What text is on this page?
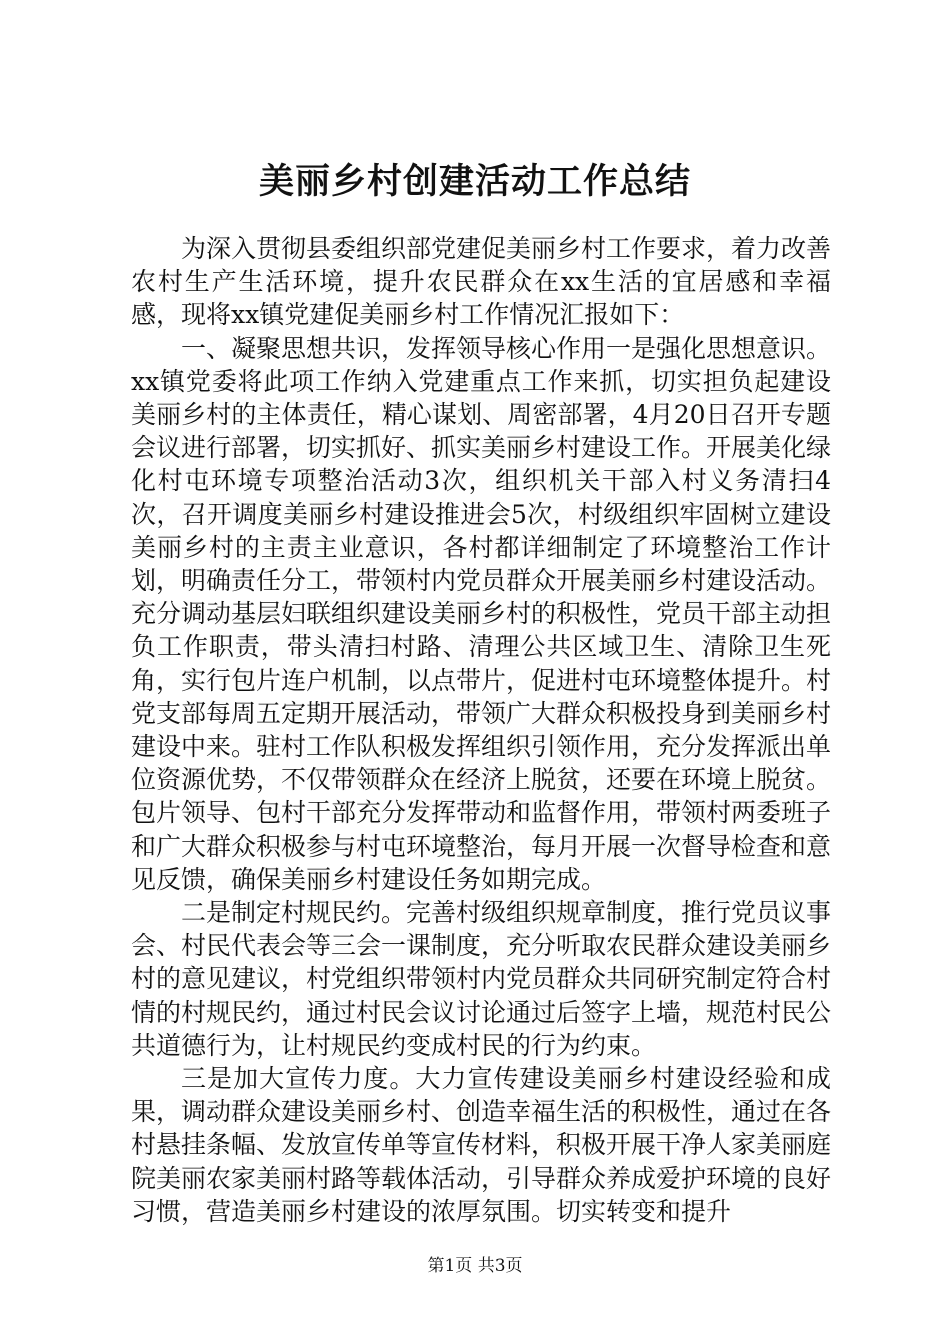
美丽乡村创建活动工作总结

为深入贯彻县委组织部党建促美丽乡村工作要求，着力改善农村生产生活环境，提升农民群众在xx生活的宜居感和幸福感，现将xx镇党建促美丽乡村工作情况汇报如下：

一、凝聚思想共识，发挥领导核心作用一是强化思想意识。xx镇党委将此项工作纳入党建重点工作来抓，切实担负起建设美丽乡村的主体责任，精心谋划、周密部署，4月20日召开专题会议进行部署，切实抓好、抓实美丽乡村建设工作。开展美化绿化村屯环境专项整治活动3次，组织机关干部入村义务清扫4次，召开调度美丽乡村建设推进会5次，村级组织牢固树立建设美丽乡村的主责主业意识，各村都详细制定了环境整治工作计划，明确责任分工，带领村内党员群众开展美丽乡村建设活动。充分调动基层妇联组织建设美丽乡村的积极性，党员干部主动担负工作职责，带头清扫村路、清理公共区域卫生、清除卫生死角，实行包片连户机制，以点带片，促进村屯环境整体提升。村党支部每周五定期开展活动，带领广大群众积极投身到美丽乡村建设中来。驻村工作队积极发挥组织引领作用，充分发挥派出单位资源优势，不仅带领群众在经济上脱贫，还要在环境上脱贫。包片领导、包村干部充分发挥带动和监督作用，带领村两委班子和广大群众积极参与村屯环境整治，每月开展一次督导检查和意见反馈，确保美丽乡村建设任务如期完成。

二是制定村规民约。完善村级组织规章制度，推行党员议事会、村民代表会等三会一课制度，充分听取农民群众建设美丽乡村的意见建议，村党组织带领村内党员群众共同研究制定符合村情的村规民约，通过村民会议讨论通过后签字上墙，规范村民公共道德行为，让村规民约变成村民的行为约束。

三是加大宣传力度。大力宣传建设美丽乡村建设经验和成果，调动群众建设美丽乡村、创造幸福生活的积极性，通过在各村悬挂条幅、发放宣传单等宣传材料，积极开展干净人家美丽庭院美丽农家美丽村路等载体活动，引导群众养成爱护环境的良好习惯，营造美丽乡村建设的浓厚氛围。切实转变和提升

第1页 共3页
